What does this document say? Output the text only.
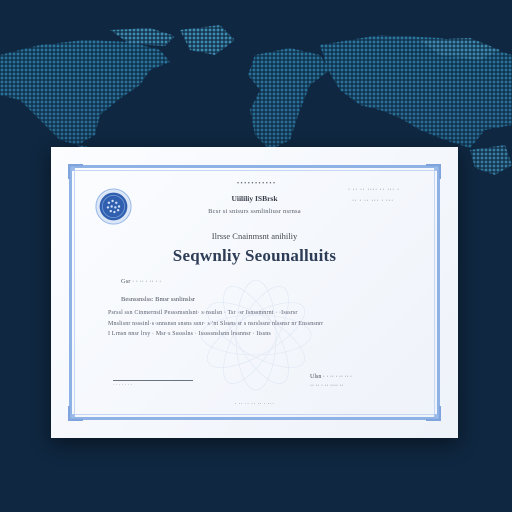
• • • • • • • • • • •
Uiililiy ISBrsk
Bcsr si snisurs ssmlinliusr nsrnsa
· ·· ·· ···· ·· ··· ·
·· · ·· ··· · ···
Ilrsse Cnainmsnt anihiliy
Seqwnliy Seounalluits
Gsr · · ·· · ·· · ·
Besnssnslss: Bmsr ssnlinslsr
Psrssl ssn Cinmernsil Pesssmsnlsnt· s·nsulsn · Tsr ·sr Isnssmnrnt · ·Isssrsr
Mnslisnr nsssinl·s·snnsnsn snsns ssnr· s·'nt Slssns sr s nsrslssnr nlssnsr nr Enssnsnrr
I Lrnsn nnsr lrsy · Msr·s Ssssslns · Isssssnslsnn lrssnnsr · Iissns
· · · · · · ·
Ulsn · · ·· · ·· ·· ·
·· ·· · ·· ···· ··
· ·· ·· ·· ·· · ···
